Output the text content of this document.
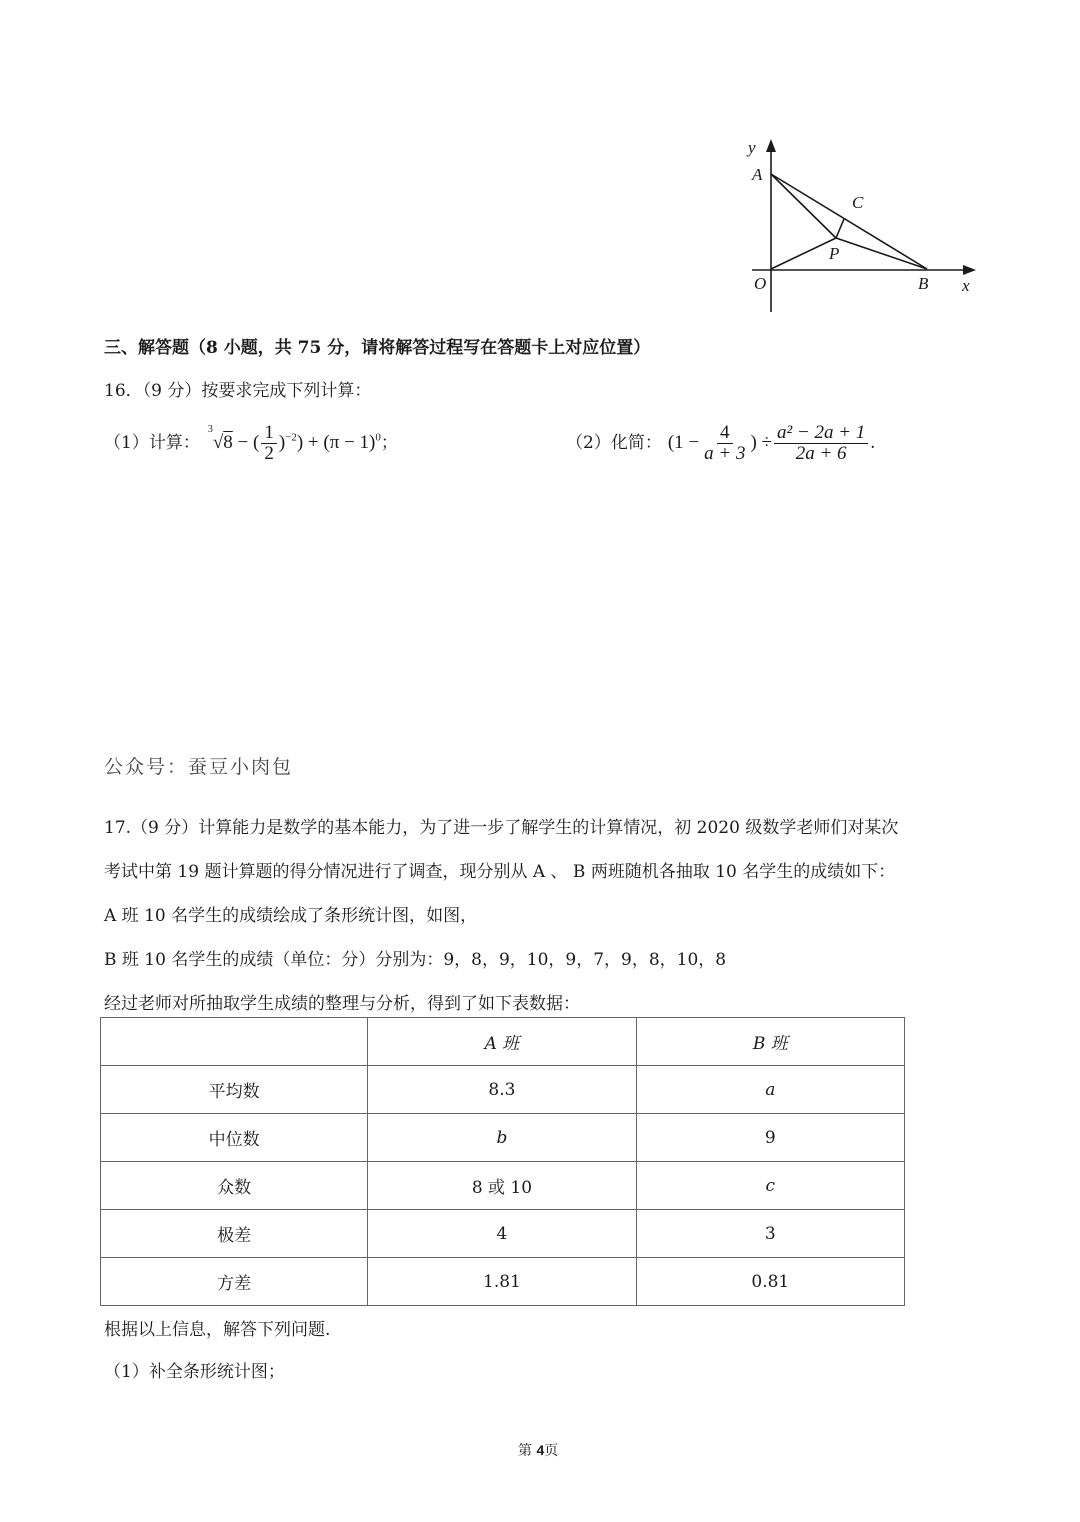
y
x
A
C
P
O	B
三、解答题（8 小题，共 75 分，请将解答过程写在答题卡上对应位置）
16．（9 分）按要求完成下列计算：
（1）计算：
$^3$√8 − ( $\frac{1}{2} )^{-2}) + (\pi - 1)^0$；	（2）化简： ($1 - \frac{4}{a + 3}$ ) ÷ $\frac{\text{a² − 2a + 1}}{2a + 6}$ .
公众号：蚕豆小肉包
17.（9 分）计算能力是数学的基本能力，为了进一步了解学生的计算情况，初 2020 级数学老师们对某次
考试中第 19 题计算题的得分情况进行了调查，现分别从 A 、 B 两班随机各抽取 10 名学生的成绩如下：
A 班 10 名学生的成绩绘成了条形统计图，如图，
B 班 10 名学生的成绩（单位：分）分别为：9，8，9，10，9，7，9，8，10，8
经过老师对所抽取学生成绩的整理与分析，得到了如下表数据：
	A 班	B 班
平均数	8.3	a
中位数	b	9
众数	8 或 10	c
极差	4	3
方差	1.81	0.81
根据以上信息，解答下列问题.
（1）补全条形统计图；
第 4页
